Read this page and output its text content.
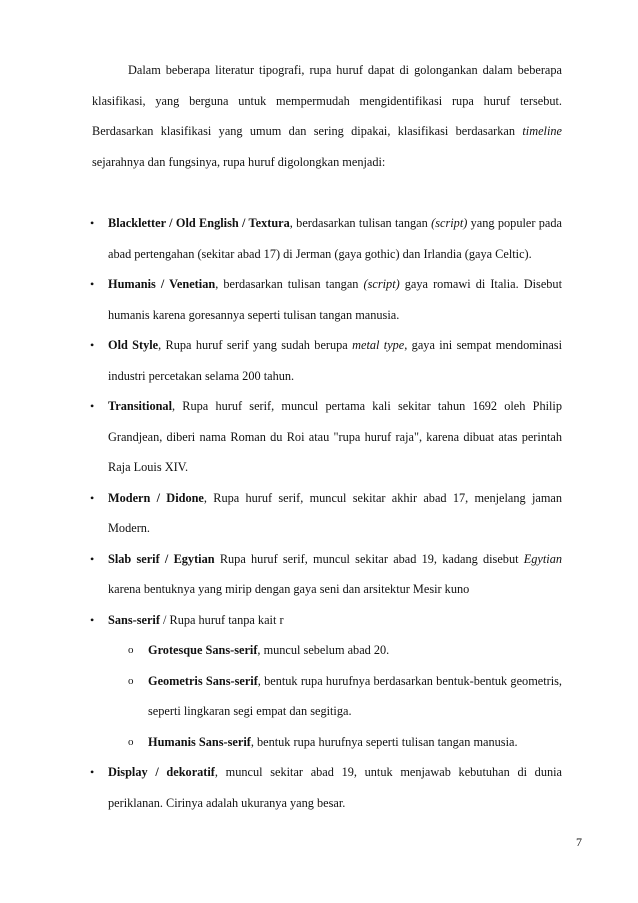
Dalam beberapa literatur tipografi, rupa huruf dapat di golongankan dalam beberapa klasifikasi, yang berguna untuk mempermudah mengidentifikasi rupa huruf tersebut. Berdasarkan klasifikasi yang umum dan sering dipakai, klasifikasi berdasarkan timeline sejarahnya dan fungsinya, rupa huruf digolongkan menjadi:

• Blackletter / Old English / Textura, berdasarkan tulisan tangan (script) yang populer pada abad pertengahan (sekitar abad 17) di Jerman (gaya gothic) dan Irlandia (gaya Celtic).
• Humanis / Venetian, berdasarkan tulisan tangan (script) gaya romawi di Italia. Disebut humanis karena goresannya seperti tulisan tangan manusia.
• Old Style, Rupa huruf serif yang sudah berupa metal type, gaya ini sempat mendominasi industri percetakan selama 200 tahun.
• Transitional, Rupa huruf serif, muncul pertama kali sekitar tahun 1692 oleh Philip Grandjean, diberi nama Roman du Roi atau "rupa huruf raja", karena dibuat atas perintah Raja Louis XIV.
• Modern / Didone, Rupa huruf serif, muncul sekitar akhir abad 17, menjelang jaman Modern.
• Slab serif / Egytian Rupa huruf serif, muncul sekitar abad 19, kadang disebut Egytian karena bentuknya yang mirip dengan gaya seni dan arsitektur Mesir kuno
• Sans-serif / Rupa huruf tanpa kait r
o Grotesque Sans-serif, muncul sebelum abad 20.
o Geometris Sans-serif, bentuk rupa hurufnya berdasarkan bentuk-bentuk geometris, seperti lingkaran segi empat dan segitiga.
o Humanis Sans-serif, bentuk rupa hurufnya seperti tulisan tangan manusia.
• Display / dekoratif, muncul sekitar abad 19, untuk menjawab kebutuhan di dunia periklanan. Cirinya adalah ukuranya yang besar.
7
